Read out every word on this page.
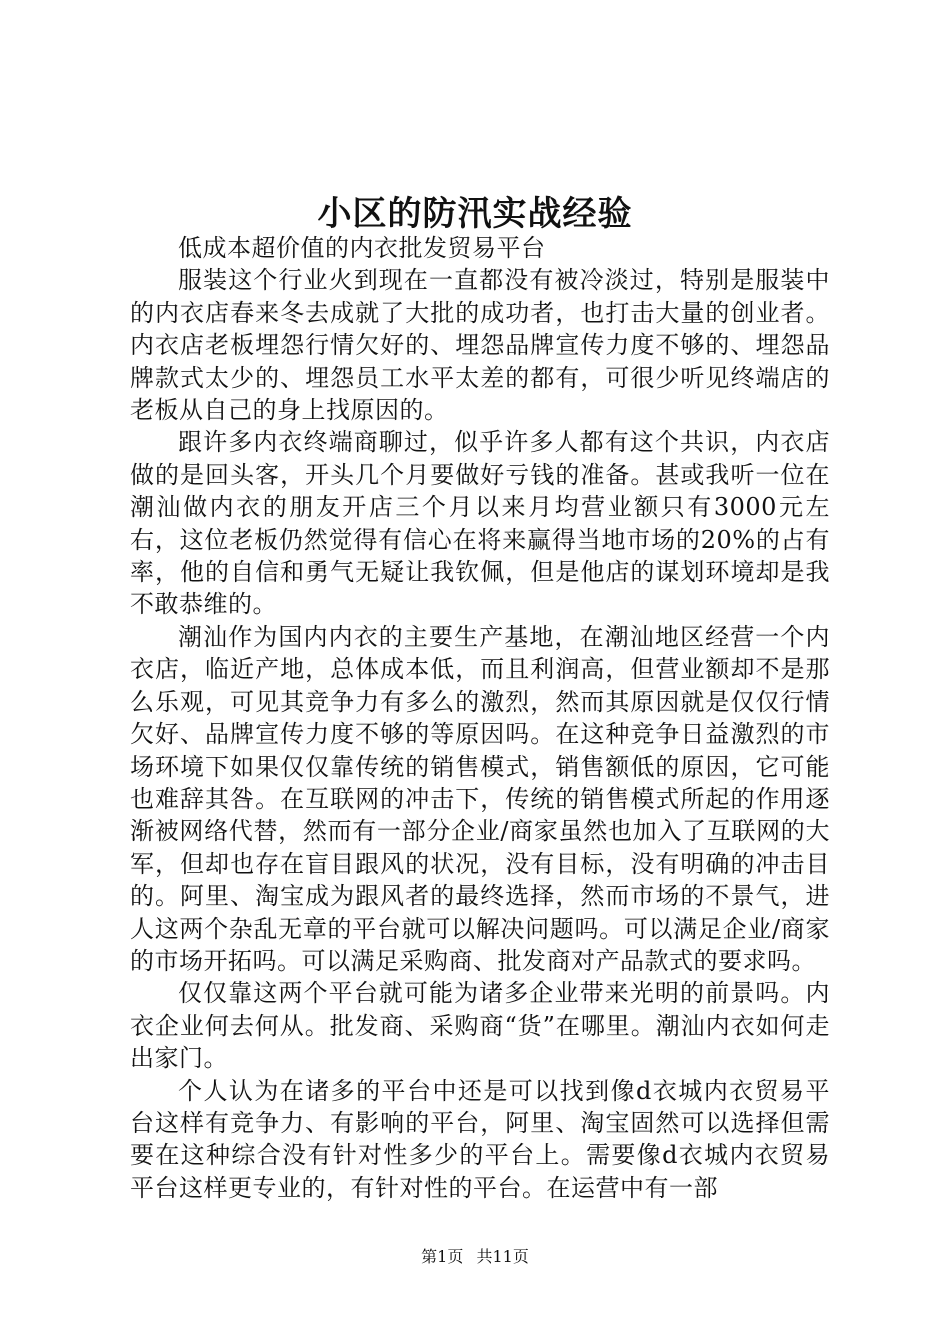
小区的防汛实战经验

低成本超价值的内衣批发贸易平台

服装这个行业火到现在一直都没有被冷淡过，特别是服装中的内衣店春来冬去成就了大批的成功者，也打击大量的创业者。内衣店老板埋怨行情欠好的、埋怨品牌宣传力度不够的、埋怨品牌款式太少的、埋怨员工水平太差的都有，可很少听见终端店的老板从自己的身上找原因的。

跟许多内衣终端商聊过，似乎许多人都有这个共识，内衣店做的是回头客，开头几个月要做好亏钱的准备。甚或我听一位在潮汕做内衣的朋友开店三个月以来月均营业额只有3000元左右，这位老板仍然觉得有信心在将来赢得当地市场的20%的占有率，他的自信和勇气无疑让我钦佩，但是他店的谋划环境却是我不敢恭维的。

潮汕作为国内内衣的主要生产基地，在潮汕地区经营一个内衣店，临近产地，总体成本低，而且利润高，但营业额却不是那么乐观，可见其竞争力有多么的激烈，然而其原因就是仅仅行情欠好、品牌宣传力度不够的等原因吗。在这种竞争日益激烈的市场环境下如果仅仅靠传统的销售模式，销售额低的原因，它可能也难辞其咎。在互联网的冲击下，传统的销售模式所起的作用逐渐被网络代替，然而有一部分企业/商家虽然也加入了互联网的大军，但却也存在盲目跟风的状况，没有目标，没有明确的冲击目的。阿里、淘宝成为跟风者的最终选择，然而市场的不景气，进人这两个杂乱无章的平台就可以解决问题吗。可以满足企业/商家的市场开拓吗。可以满足采购商、批发商对产品款式的要求吗。

仅仅靠这两个平台就可能为诸多企业带来光明的前景吗。内衣企业何去何从。批发商、采购商“货”在哪里。潮汕内衣如何走出家门。

个人认为在诸多的平台中还是可以找到像d衣城内衣贸易平台这样有竞争力、有影响的平台，阿里、淘宝固然可以选择但需要在这种综合没有针对性多少的平台上。需要像d衣城内衣贸易平台这样更专业的，有针对性的平台。在运营中有一部

第1页 共11页
